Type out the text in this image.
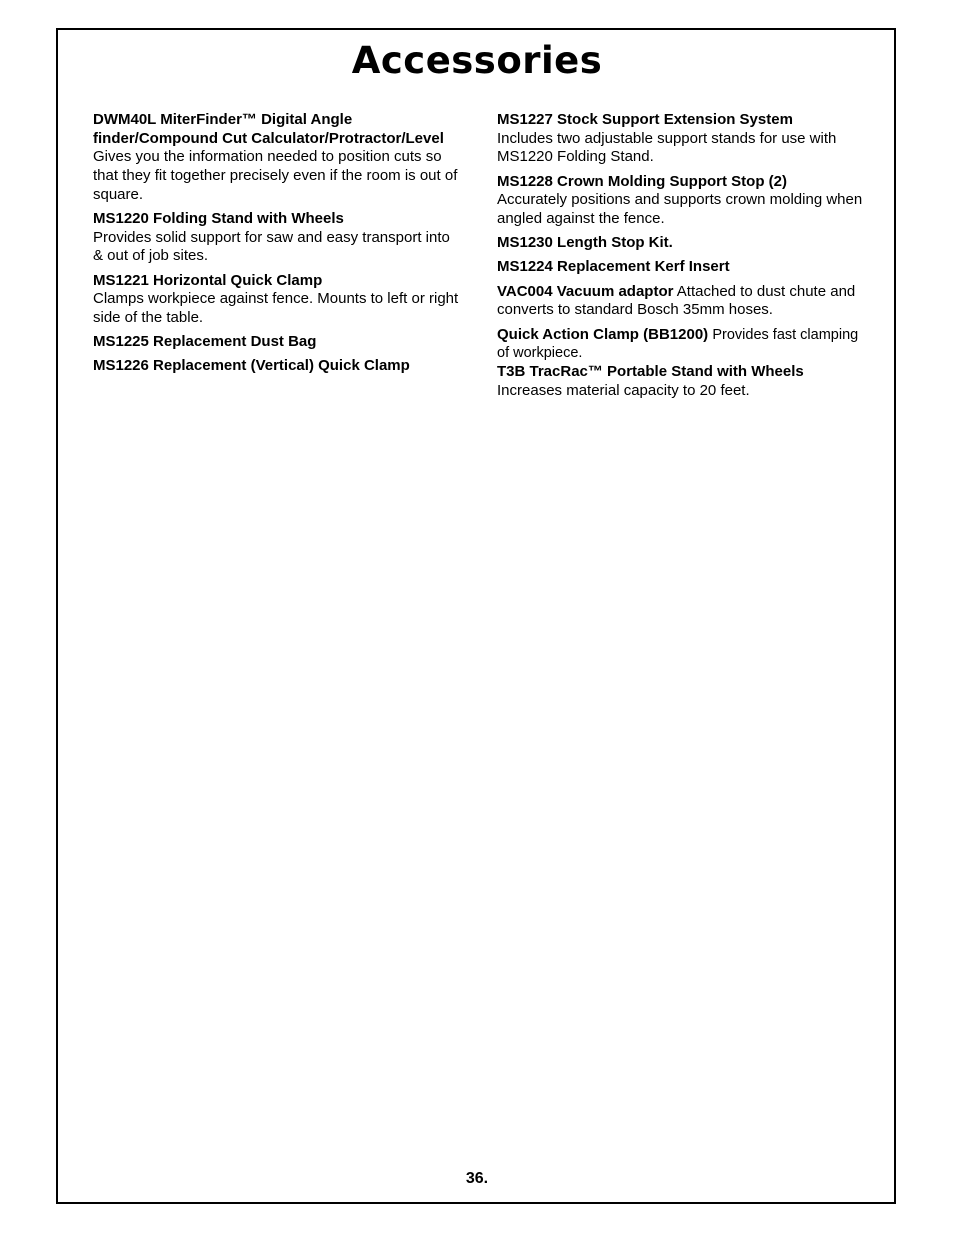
Accessories
DWM40L MiterFinder™ Digital Angle finder/Compound Cut Calculator/Protractor/Level
Gives you the information needed to position cuts so that they fit together precisely even if the room is out of square.
MS1220 Folding Stand with Wheels
Provides solid support for saw and easy transport into & out of job sites.
MS1221 Horizontal Quick Clamp
Clamps workpiece against fence. Mounts to left or right side of the table.
MS1225 Replacement Dust Bag
MS1226 Replacement (Vertical) Quick Clamp
MS1227 Stock Support Extension System
Includes two adjustable support stands for use with MS1220 Folding Stand.
MS1228 Crown Molding Support Stop (2)
Accurately positions and supports crown molding when angled against the fence.
MS1230 Length Stop Kit.
MS1224 Replacement Kerf Insert
VAC004 Vacuum adaptor Attached to dust chute and converts to standard Bosch 35mm hoses.
Quick Action Clamp (BB1200) Provides fast clamping of workpiece.
T3B TracRac™ Portable Stand with Wheels
Increases material capacity to 20 feet.
36.
